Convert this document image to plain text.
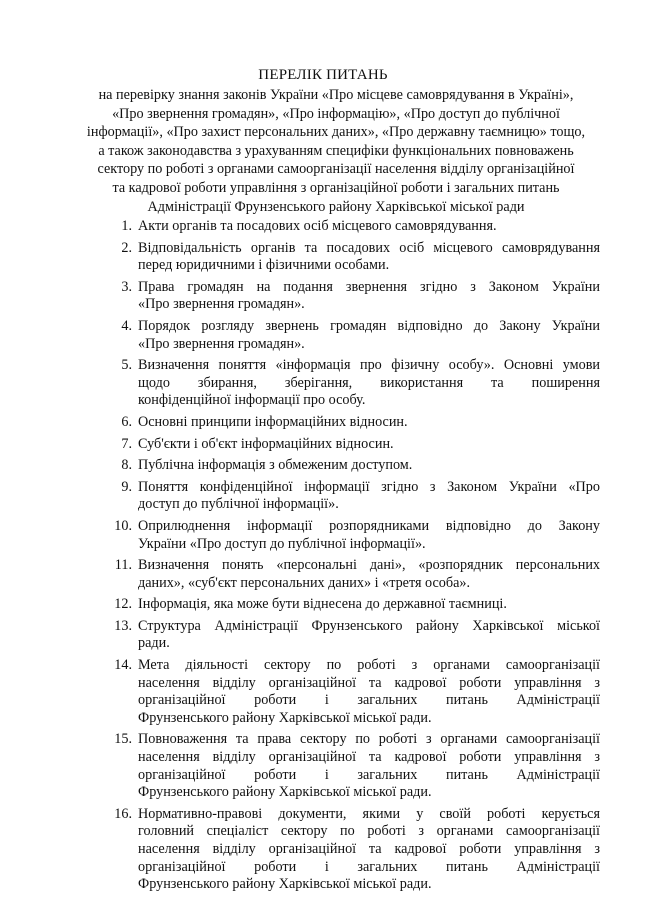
ПЕРЕЛІК ПИТАНЬ
на перевірку знання законів України «Про місцеве самоврядування в Україні»,
«Про звернення громадян», «Про інформацію», «Про доступ до публічної
інформації», «Про захист персональних даних», «Про державну таємницю» тощо,
а також законодавства з урахуванням специфіки функціональних повноважень
сектору по роботі з органами самоорганізації населення відділу організаційної
та кадрової роботи управління з організаційної роботи і загальних питань
Адміністрації Фрунзенського району Харківської міської ради
1. Акти органів та посадових осіб місцевого самоврядування.
2. Відповідальність органів та посадових осіб місцевого самоврядування
перед юридичними і фізичними особами.
3. Права громадян на подання звернення згідно з Законом України
«Про звернення громадян».
4. Порядок розгляду звернень громадян відповідно до Закону України
«Про звернення громадян».
5. Визначення поняття «інформація про фізичну особу». Основні умови
щодо збирання, зберігання, використання та поширення
конфіденційної інформації про особу.
6. Основні принципи інформаційних відносин.
7. Суб'єкти і об'єкт інформаційних відносин.
8. Публічна інформація з обмеженим доступом.
9. Поняття конфіденційної інформації згідно з Законом України «Про
доступ до публічної інформації».
10. Оприлюднення інформації розпорядниками відповідно до Закону
України «Про доступ до публічної інформації».
11. Визначення понять «персональні дані», «розпорядник персональних
даних», «суб'єкт персональних даних» і «третя особа».
12. Інформація, яка може бути віднесена до державної таємниці.
13. Структура Адміністрації Фрунзенського району Харківської міської
ради.
14. Мета діяльності сектору по роботі з органами самоорганізації
населення відділу організаційної та кадрової роботи управління з
організаційної роботи і загальних питань Адміністрації
Фрунзенського району Харківської міської ради.
15. Повноваження та права сектору по роботі з органами самоорганізації
населення відділу організаційної та кадрової роботи управління з
організаційної роботи і загальних питань Адміністрації
Фрунзенського району Харківської міської ради.
16. Нормативно-правові документи, якими у своїй роботі керується
головний спеціаліст сектору по роботі з органами самоорганізації
населення відділу організаційної та кадрової роботи управління з
організаційної роботи і загальних питань Адміністрації
Фрунзенського району Харківської міської ради.
